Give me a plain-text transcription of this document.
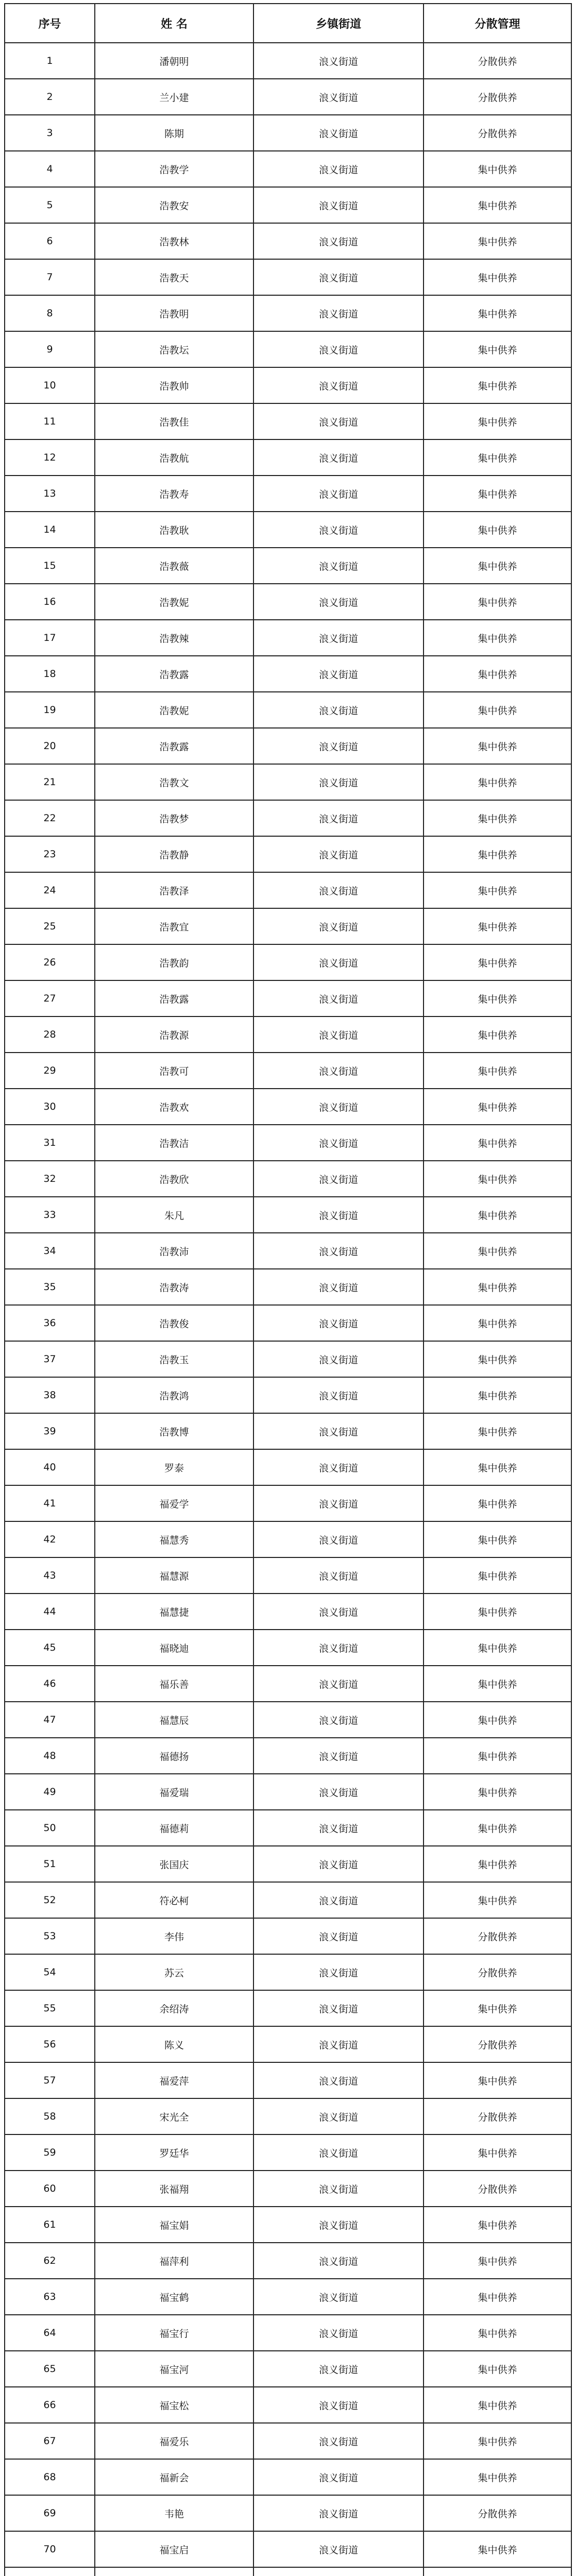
序号	姓 名	乡镇街道	分散管理
1	潘朝明	浪义街道	分散供养
2	兰小建	浪义街道	分散供养
3	陈期	浪义街道	分散供养
4	浩教学	浪义街道	集中供养
5	浩教安	浪义街道	集中供养
6	浩教林	浪义街道	集中供养
7	浩教天	浪义街道	集中供养
8	浩教明	浪义街道	集中供养
9	浩教坛	浪义街道	集中供养
10	浩教帅	浪义街道	集中供养
11	浩教佳	浪义街道	集中供养
12	浩教航	浪义街道	集中供养
13	浩教寿	浪义街道	集中供养
14	浩教耿	浪义街道	集中供养
15	浩教薇	浪义街道	集中供养
16	浩教妮	浪义街道	集中供养
17	浩教辣	浪义街道	集中供养
18	浩教露	浪义街道	集中供养
19	浩教妮	浪义街道	集中供养
20	浩教露	浪义街道	集中供养
21	浩教文	浪义街道	集中供养
22	浩教梦	浪义街道	集中供养
23	浩教静	浪义街道	集中供养
24	浩教泽	浪义街道	集中供养
25	浩教宜	浪义街道	集中供养
26	浩教韵	浪义街道	集中供养
27	浩教露	浪义街道	集中供养
28	浩教源	浪义街道	集中供养
29	浩教可	浪义街道	集中供养
30	浩教欢	浪义街道	集中供养
31	浩教洁	浪义街道	集中供养
32	浩教欣	浪义街道	集中供养
33	朱凡	浪义街道	集中供养
34	浩教沛	浪义街道	集中供养
35	浩教涛	浪义街道	集中供养
36	浩教俊	浪义街道	集中供养
37	浩教玉	浪义街道	集中供养
38	浩教鸿	浪义街道	集中供养
39	浩教博	浪义街道	集中供养
40	罗泰	浪义街道	集中供养
41	福爱学	浪义街道	集中供养
42	福慧秀	浪义街道	集中供养
43	福慧源	浪义街道	集中供养
44	福慧捷	浪义街道	集中供养
45	福晓迪	浪义街道	集中供养
46	福乐善	浪义街道	集中供养
47	福慧辰	浪义街道	集中供养
48	福德扬	浪义街道	集中供养
49	福爱瑞	浪义街道	集中供养
50	福德莉	浪义街道	集中供养
51	张国庆	浪义街道	集中供养
52	符必柯	浪义街道	集中供养
53	李伟	浪义街道	分散供养
54	苏云	浪义街道	分散供养
55	余绍涛	浪义街道	集中供养
56	陈义	浪义街道	分散供养
57	福爱萍	浪义街道	集中供养
58	宋光全	浪义街道	分散供养
59	罗廷华	浪义街道	集中供养
60	张福翔	浪义街道	分散供养
61	福宝娟	浪义街道	集中供养
62	福萍利	浪义街道	集中供养
63	福宝鹤	浪义街道	集中供养
64	福宝行	浪义街道	集中供养
65	福宝河	浪义街道	集中供养
66	福宝松	浪义街道	集中供养
67	福爱乐	浪义街道	集中供养
68	福新会	浪义街道	集中供养
69	韦艳	浪义街道	分散供养
70	福宝启	浪义街道	集中供养
